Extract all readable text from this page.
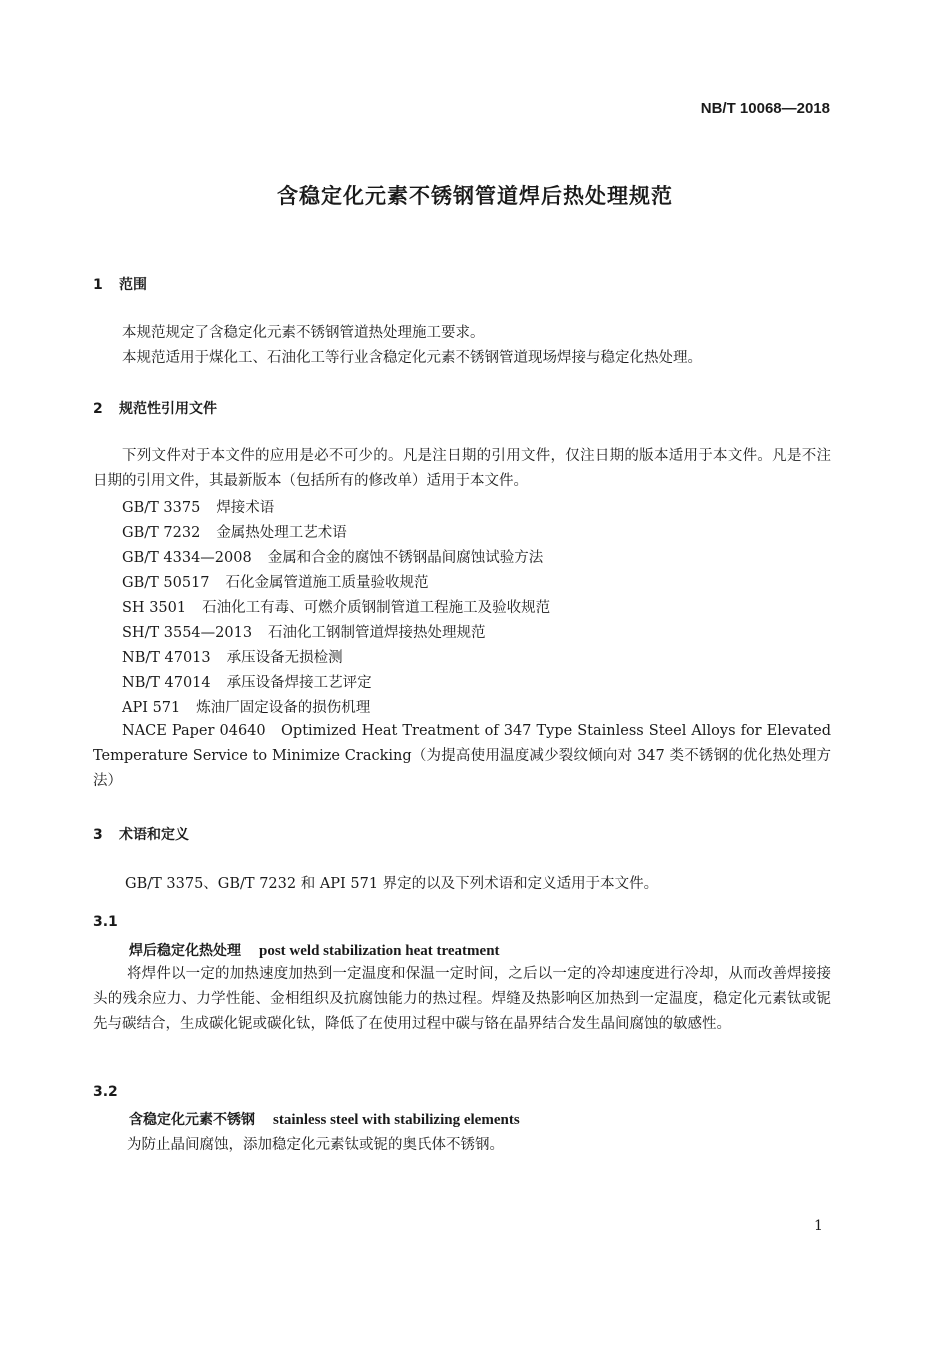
NB/T 10068—2018
含稳定化元素不锈钢管道焊后热处理规范
1 范围
本规范规定了含稳定化元素不锈钢管道热处理施工要求。
本规范适用于煤化工、石油化工等行业含稳定化元素不锈钢管道现场焊接与稳定化热处理。
2 规范性引用文件
下列文件对于本文件的应用是必不可少的。凡是注日期的引用文件，仅注日期的版本适用于本文件。凡是不注日期的引用文件，其最新版本（包括所有的修改单）适用于本文件。
GB/T 3375 焊接术语
GB/T 7232 金属热处理工艺术语
GB/T 4334—2008 金属和合金的腐蚀不锈钢晶间腐蚀试验方法
GB/T 50517 石化金属管道施工质量验收规范
SH 3501 石油化工有毒、可燃介质钢制管道工程施工及验收规范
SH/T 3554—2013 石油化工钢制管道焊接热处理规范
NB/T 47013 承压设备无损检测
NB/T 47014 承压设备焊接工艺评定
API 571 炼油厂固定设备的损伤机理
NACE Paper 04640　Optimized Heat Treatment of 347 Type Stainless Steel Alloys for Elevated Temperature Service to Minimize Cracking（为提高使用温度减少裂纹倾向对 347 类不锈钢的优化热处理方法）
3 术语和定义
GB/T 3375、GB/T 7232 和 API 571 界定的以及下列术语和定义适用于本文件。
3.1
焊后稳定化热处理 post weld stabilization heat treatment
将焊件以一定的加热速度加热到一定温度和保温一定时间，之后以一定的冷却速度进行冷却，从而改善焊接接头的残余应力、力学性能、金相组织及抗腐蚀能力的热过程。焊缝及热影响区加热到一定温度，稳定化元素钛或铌先与碳结合，生成碳化铌或碳化钛，降低了在使用过程中碳与铬在晶界结合发生晶间腐蚀的敏感性。
3.2
含稳定化元素不锈钢 stainless steel with stabilizing elements
为防止晶间腐蚀，添加稳定化元素钛或铌的奥氏体不锈钢。
1
